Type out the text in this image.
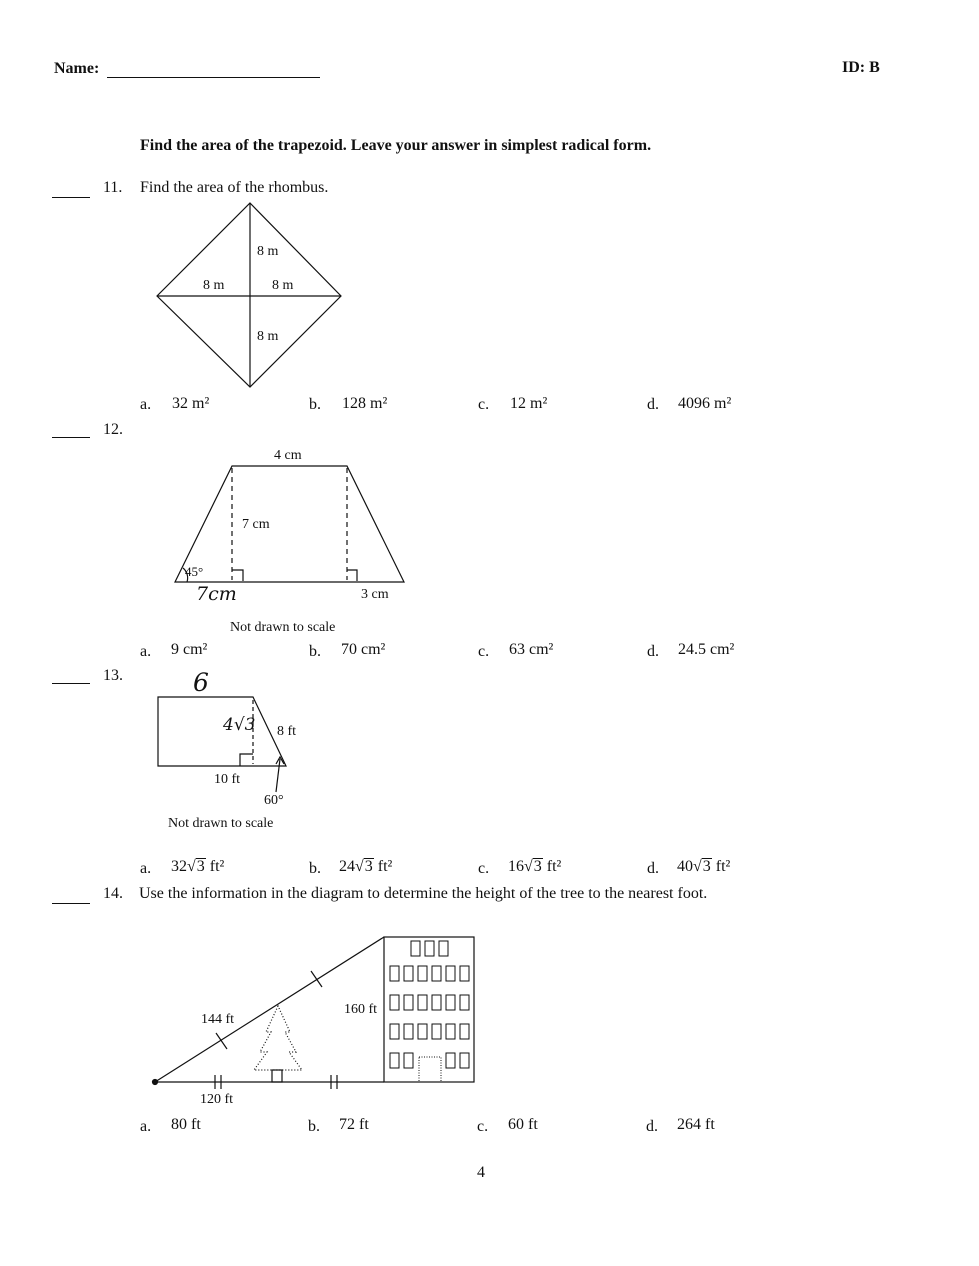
Name:	ID: B
Find the area of the trapezoid. Leave your answer in simplest radical form.
11. Find the area of the rhombus.
8 m
8 m	8 m
8 m
a. 32 m²	b. 128 m²	c. 12 m²	d. 4096 m²
12.
4 cm
7 cm
45°
3 cm
7cm
Not drawn to scale
a. 9 cm²	b. 70 cm²	c. 63 cm²	d. 24.5 cm²
13.	6
4√3 8 ft
10 ft
60°
Not drawn to scale
a. 32√3 ft²	b. 24√3 ft²	c. 16√3 ft²	d. 40√3 ft²
14. Use the information in the diagram to determine the height of the tree to the nearest foot.
144 ft
160 ft
120 ft
a. 80 ft	b. 72 ft	c. 60 ft	d. 264 ft
4
